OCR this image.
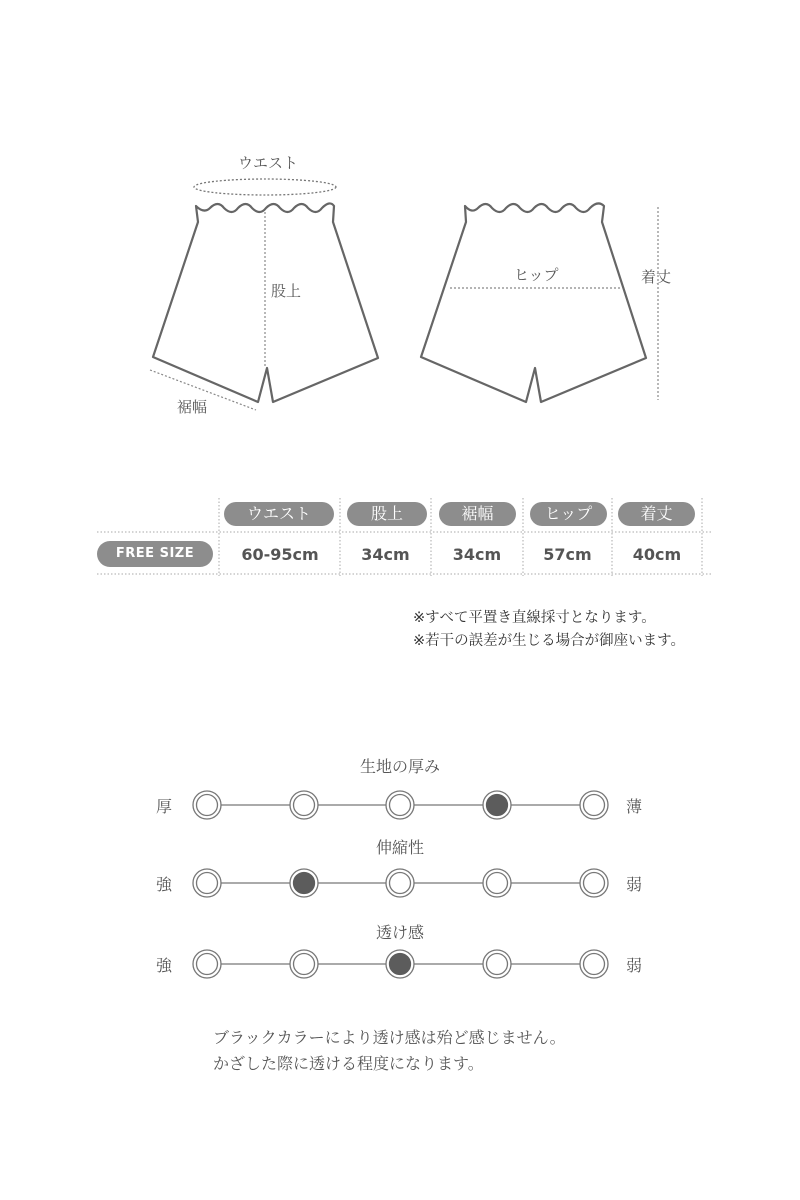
ウエスト
股上
裾幅
ヒップ	着丈
ウエスト	股上	裾幅	ヒップ	着丈
FREE SIZE	60-95cm	34cm	34cm	57cm	40cm
※すべて平置き直線採寸となります。
※若干の誤差が生じる場合が御座います。
生地の厚み
厚	薄
伸縮性
強	弱
透け感
強	弱
ブラックカラーにより透け感は殆ど感じません。
かざした際に透ける程度になります。
